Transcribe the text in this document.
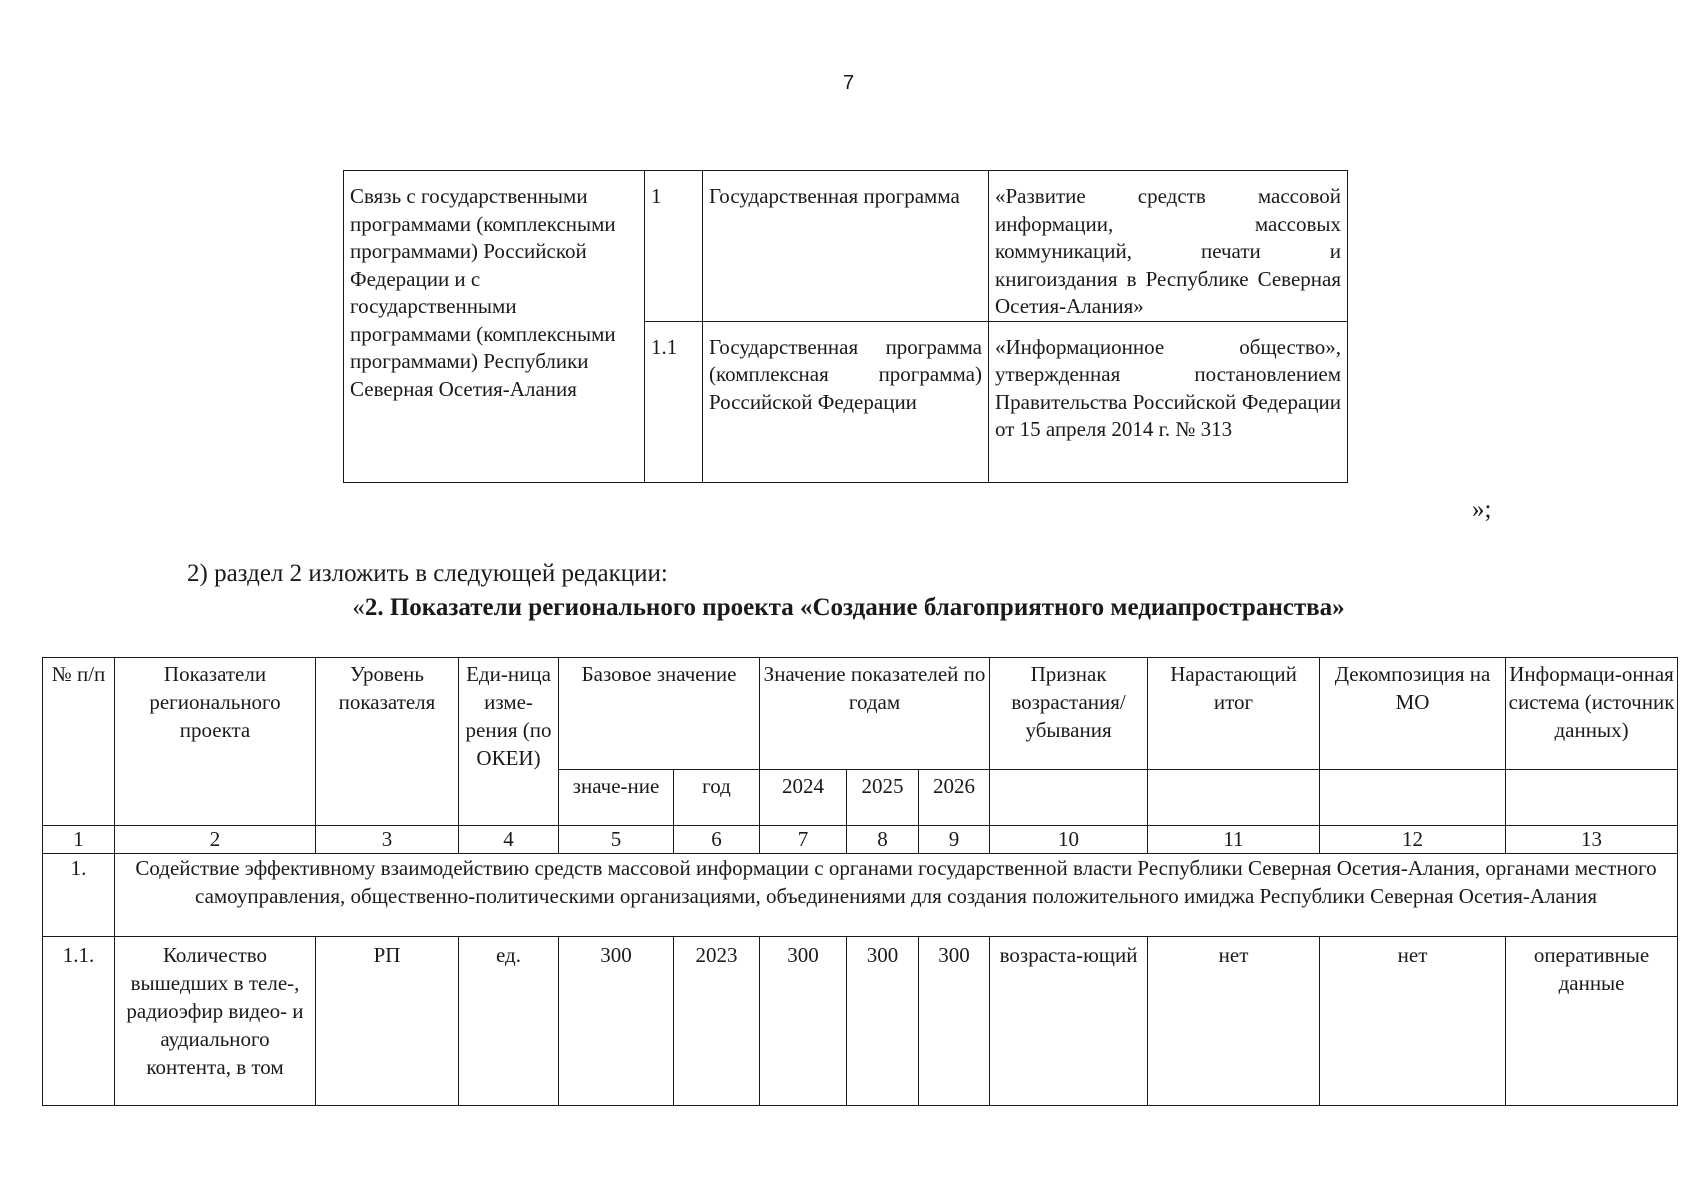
7
Связь с государственными программами (комплексными программами) Российской Федерации и с государственными программами (комплексными программами) Республики Северная Осетия-Алания	1	Государственная программа	«Развитие средств массовой информации, массовых коммуникаций, печати и книгоиздания в Республике Северная Осетия-Алания»
	1.1	Государственная программа (комплексная программа) Российской Федерации	«Информационное общество», утвержденная постановлением Правительства Российской Федерации от 15 апреля 2014 г. № 313
»;
2) раздел 2 изложить в следующей редакции:
«2. Показатели регионального проекта «Создание благоприятного медиапространства»
№ п/п	Показатели регионального проекта	Уровень показателя	Еди-ница изме-рения (по ОКЕИ)	Базовое значение		Значение показателей по годам			Признак возрастания/ убывания	Нарастающий итог	Декомпозиция на МО	Информаци-онная система (источник данных)
				значе-ние	год	2024	2025	2026				
1	2	3	4	5	6	7	8	9	10	11	12	13
1.	Содействие эффективному взаимодействию средств массовой информации с органами государственной власти Республики Северная Осетия-Алания, органами местного самоуправления, общественно-политическими организациями, объединениями для создания положительного имиджа Республики Северная Осетия-Алания											
1.1.	Количество вышедших в теле-, радиоэфир видео- и аудиального контента, в том	РП	ед.	300	2023	300	300	300	возраста-ющий	нет	нет	оперативные данные
